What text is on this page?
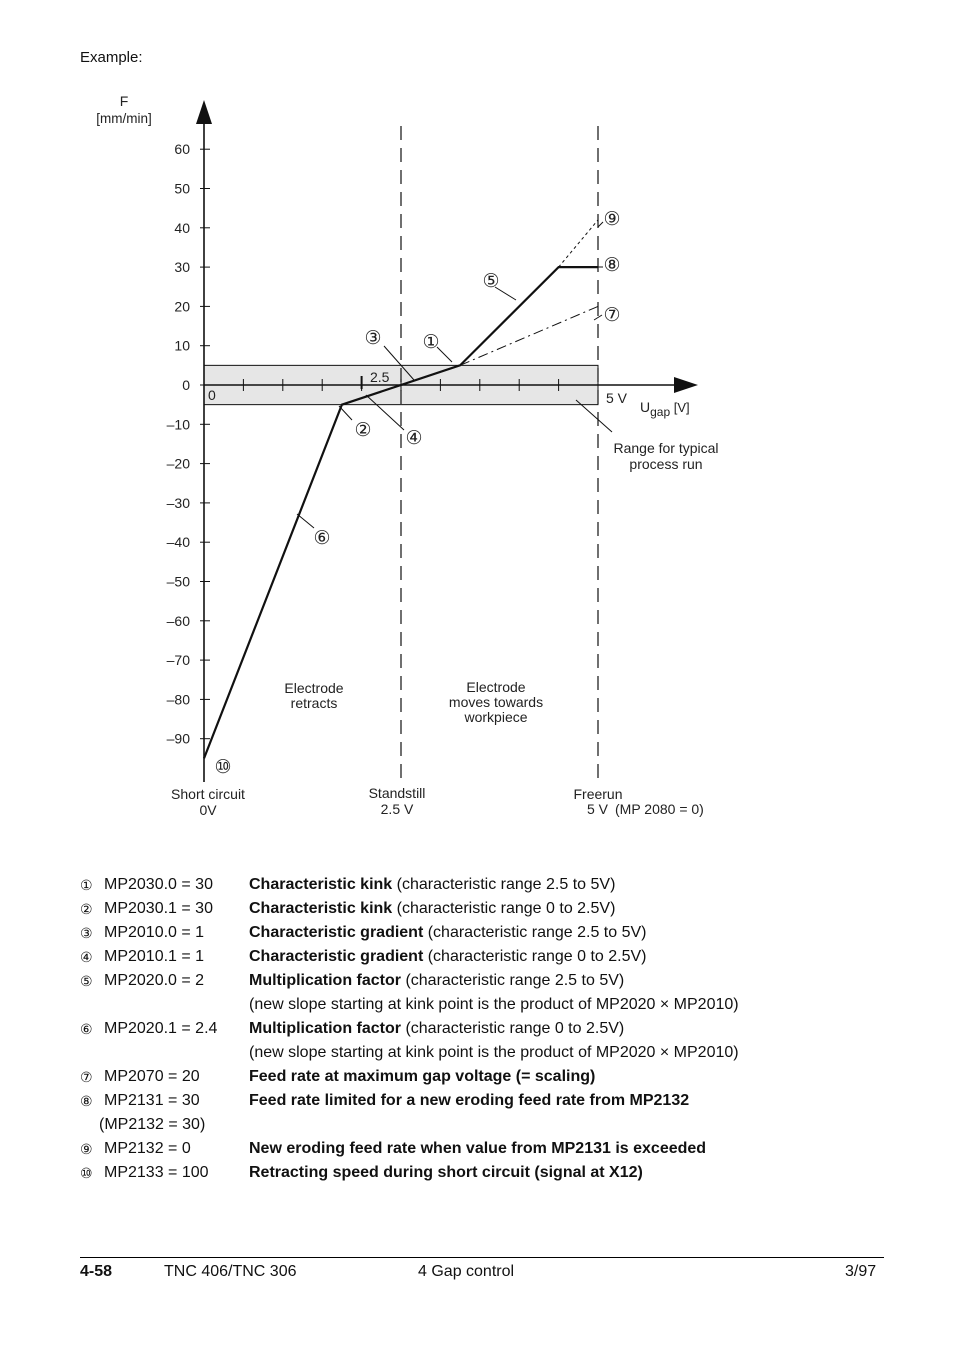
Example:
60
50
40
30
20
10
0
–10
–20
–30
–40
–50
–60
–70
–80
–90
①
②
③
④
⑤
⑥
⑦
⑧
⑨
⑩
F
[mm/min]
0
2.5
5 V
Ugap [V]
Range for typical
process run
Electrode
retracts
Electrode
moves towards
workpiece
Short circuit
0V
Standstill
2.5 V
Freerun
5 V (MP 2080 = 0)
① MP2030.0 = 30	Characteristic kink (characteristic range 2.5 to 5V)
② MP2030.1 = 30	Characteristic kink (characteristic range 0 to 2.5V)
③ MP2010.0 = 1	Characteristic gradient (characteristic range 2.5 to 5V)
④ MP2010.1 = 1	Characteristic gradient (characteristic range 0 to 2.5V)
⑤ MP2020.0 = 2	Multiplication factor (characteristic range 2.5 to 5V)
(new slope starting at kink point is the product of MP2020 × MP2010)
⑥ MP2020.1 = 2.4	Multiplication factor (characteristic range 0 to 2.5V)
(new slope starting at kink point is the product of MP2020 × MP2010)
⑦ MP2070 = 20	Feed rate at maximum gap voltage (= scaling)
⑧ MP2131 = 30	Feed rate limited for a new eroding feed rate from MP2132
(MP2132 = 30)
⑨ MP2132 = 0	New eroding feed rate when value from MP2131 is exceeded
⑩ MP2133 = 100	Retracting speed during short circuit (signal at X12)
4-58	TNC 406/TNC 306	4 Gap control	3/97
